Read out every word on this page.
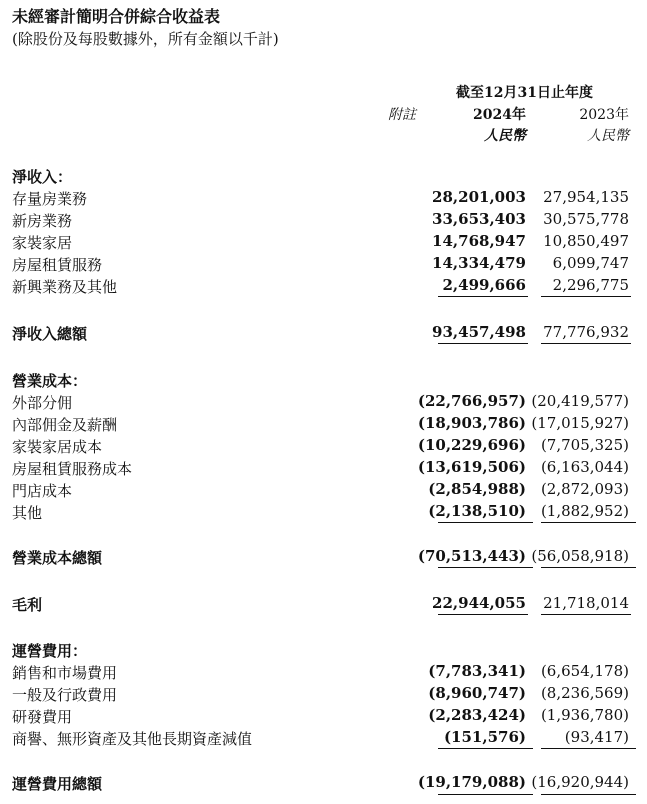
未經審計簡明合併綜合收益表
(除股份及每股數據外，所有金額以千計)
截至12月31日止年度
附註	2024年	2023年
人民幣	人民幣
淨收入：
存量房業務	28,201,003 27,954,135
新房業務	33,653,403 30,575,778
家裝家居	14,768,947 10,850,497
房屋租賃服務	14,334,479 6,099,747
新興業務及其他	2,499,666 2,296,775
淨收入總額	93,457,498 77,776,932
營業成本：
外部分佣	(22,766,957) (20,419,577)
內部佣金及薪酬	(18,903,786) (17,015,927)
家裝家居成本	(10,229,696) (7,705,325)
房屋租賃服務成本	(13,619,506) (6,163,044)
門店成本	(2,854,988) (2,872,093)
其他	(2,138,510) (1,882,952)
營業成本總額	(70,513,443) (56,058,918)
毛利	22,944,055 21,718,014
運營費用：
銷售和市場費用	(7,783,341) (6,654,178)
一般及行政費用	(8,960,747) (8,236,569)
研發費用	(2,283,424) (1,936,780)
商譽、無形資產及其他長期資產減值	(151,576)	(93,417)
運營費用總額	(19,179,088) (16,920,944)
